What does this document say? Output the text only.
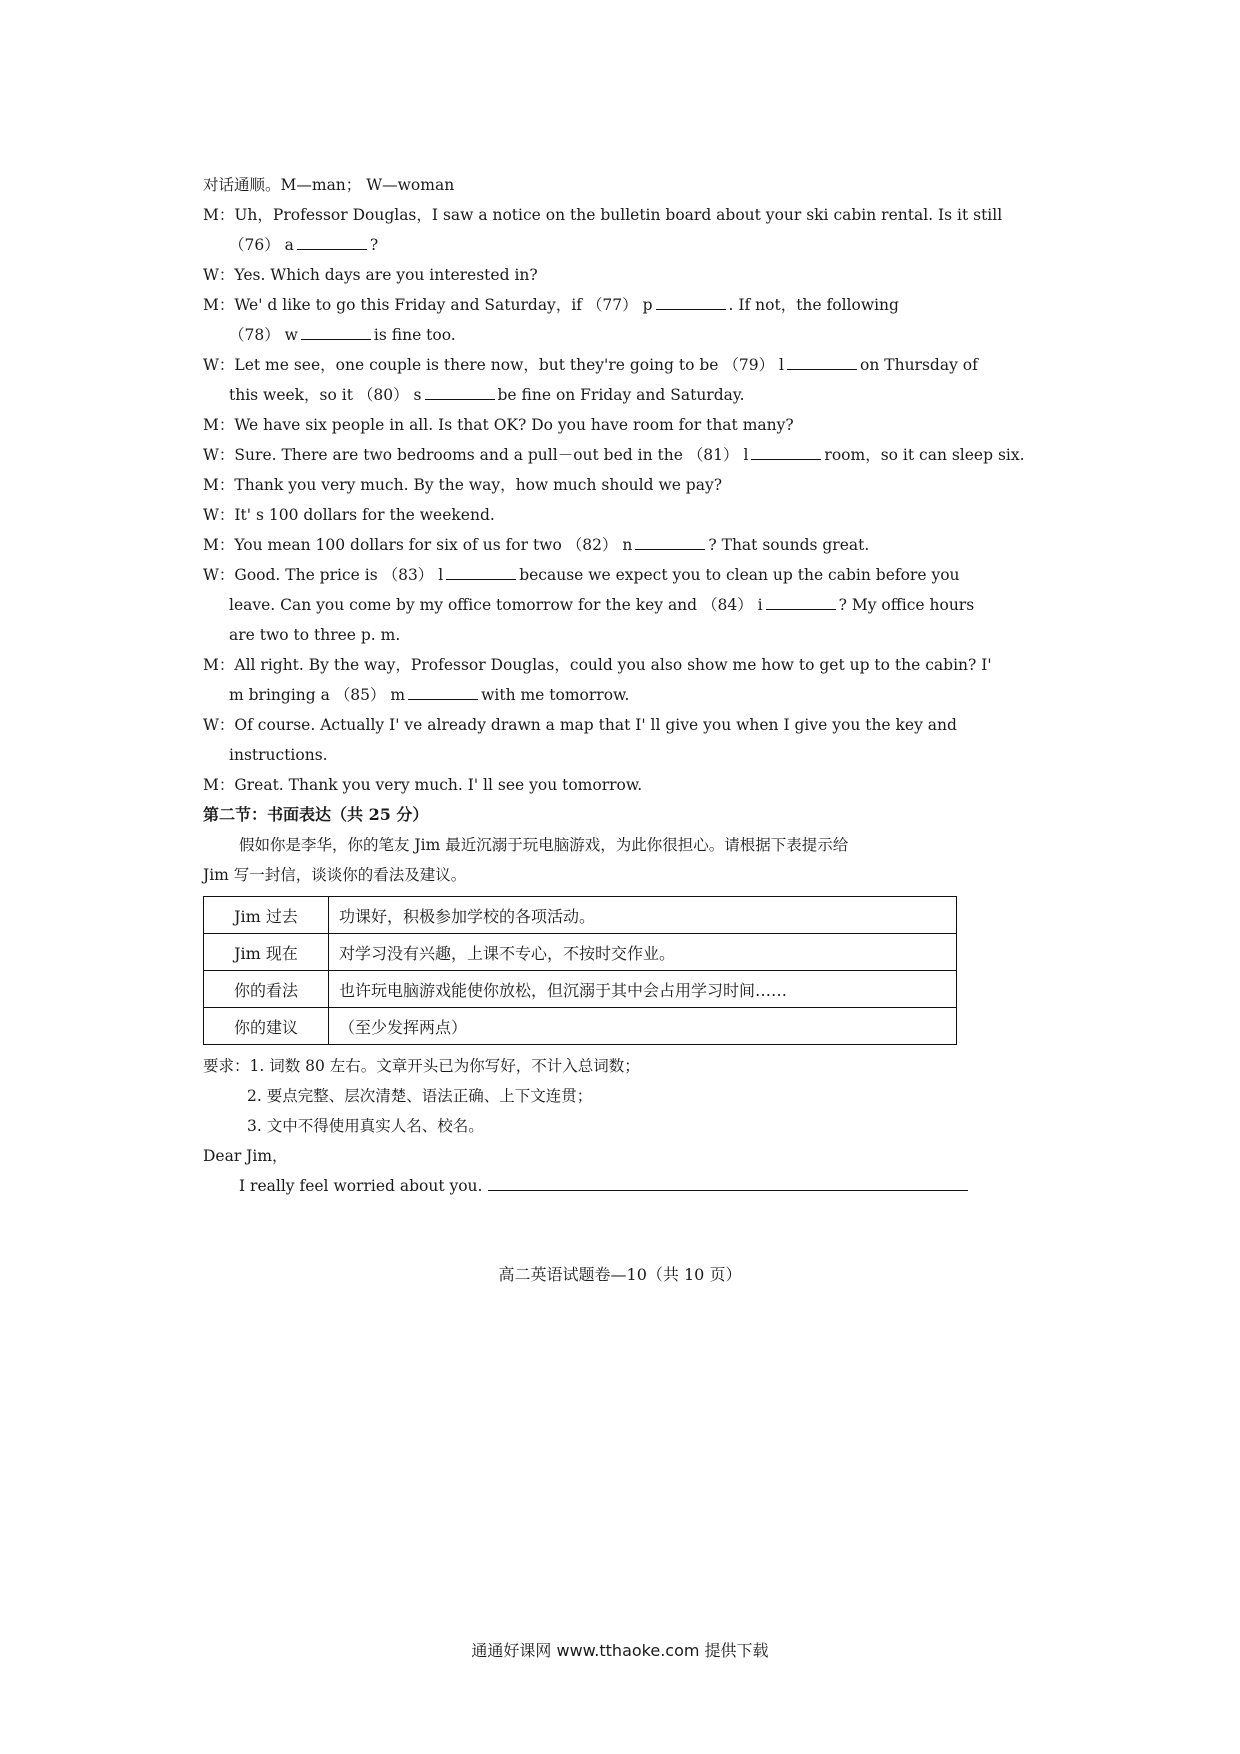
对话通顺。M—man； W—woman
M：Uh，Professor Douglas，I saw a notice on the bulletin board about your ski cabin rental. Is it still
（76） a	?
W：Yes. Which days are you interested in?
M：We' d like to go this Friday and Saturday，if （77） p	. If not，the following
（78） w	is fine too.
W：Let me see，one couple is there now，but they're going to be （79） l	on Thursday of
this week，so it （80） s	be fine on Friday and Saturday.
M：We have six people in all. Is that OK? Do you have room for that many?
W：Sure. There are two bedrooms and a pull－out bed in the （81） l	room，so it can sleep six.
M：Thank you very much. By the way，how much should we pay?
W：It' s 100 dollars for the weekend.
M：You mean 100 dollars for six of us for two （82） n	? That sounds great.
W：Good. The price is （83） l	because we expect you to clean up the cabin before you
leave. Can you come by my office tomorrow for the key and （84） i	? My office hours
are two to three p. m.
M：All right. By the way，Professor Douglas，could you also show me how to get up to the cabin? I'
m bringing a （85） m	with me tomorrow.
W：Of course. Actually I' ve already drawn a map that I' ll give you when I give you the key and
instructions.
M：Great. Thank you very much. I' ll see you tomorrow.
第二节：书面表达（共 25 分）
假如你是李华，你的笔友 Jim 最近沉溺于玩电脑游戏，为此你很担心。请根据下表提示给
Jim 写一封信，谈谈你的看法及建议。
Jim 过去	功课好，积极参加学校的各项活动。
Jim 现在	对学习没有兴趣，上课不专心，不按时交作业。
你的看法	也许玩电脑游戏能使你放松，但沉溺于其中会占用学习时间……
你的建议	（至少发挥两点）
要求：1. 词数 80 左右。文章开头已为你写好，不计入总词数；
2. 要点完整、层次清楚、语法正确、上下文连贯；
3. 文中不得使用真实人名、校名。
Dear Jim，
I really feel worried about you.
高二英语试题卷—10（共 10 页）
通通好课网 www.tthaoke.com 提供下载
